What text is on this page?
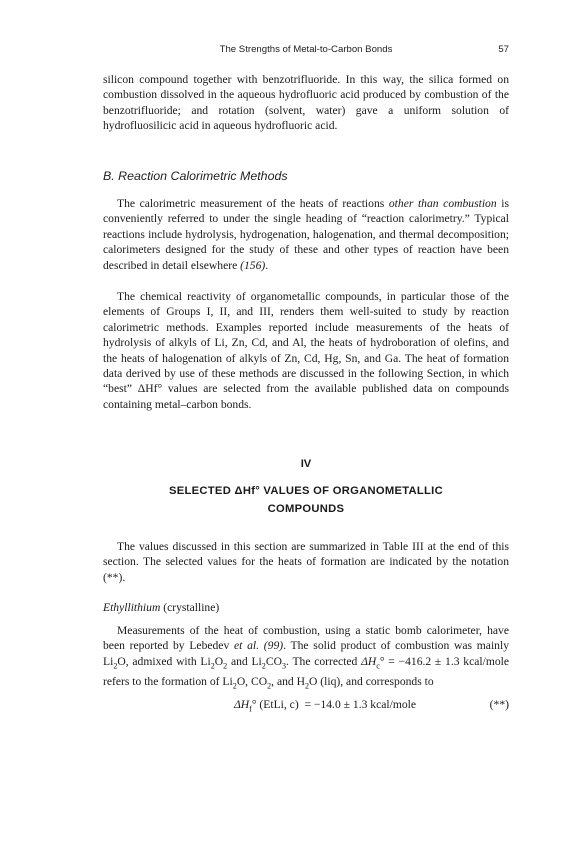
The Strengths of Metal-to-Carbon Bonds	57

silicon compound together with benzotrifluoride. In this way, the silica formed on combustion dissolved in the aqueous hydrofluoric acid produced by combustion of the benzotrifluoride; and rotation (solvent, water) gave a uniform solution of hydrofluosilicic acid in aqueous hydrofluoric acid.

B. Reaction Calorimetric Methods

The calorimetric measurement of the heats of reactions other than combustion is conveniently referred to under the single heading of “reaction calorimetry.” Typical reactions include hydrolysis, hydrogenation, halogenation, and thermal decomposition; calorimeters designed for the study of these and other types of reaction have been described in detail elsewhere (156).

The chemical reactivity of organometallic compounds, in particular those of the elements of Groups I, II, and III, renders them well-suited to study by reaction calorimetric methods. Examples reported include measurements of the heats of hydrolysis of alkyls of Li, Zn, Cd, and Al, the heats of hydroboration of olefins, and the heats of halogenation of alkyls of Zn, Cd, Hg, Sn, and Ga. The heat of formation data derived by use of these methods are discussed in the following Section, in which “best” ΔHf° values are selected from the available published data on compounds containing metal–carbon bonds.

IV
SELECTED ΔHf° VALUES OF ORGANOMETALLIC
COMPOUNDS

The values discussed in this section are summarized in Table III at the end of this section. The selected values for the heats of formation are indicated by the notation (**).

Ethyllithium (crystalline)

Measurements of the heat of combustion, using a static bomb calorimeter, have been reported by Lebedev et al. (99). The solid product of combustion was mainly $Li_2O$, admixed with $Li_2O_2$ and $Li_2CO_3$. The corrected $\Delta H_c^\circ = -416.2 \pm 1.3$ kcal/mole refers to the formation of $Li_2O$, $CO_2$, and $H_2O$ (liq), and corresponds to

$\Delta H_f^\circ$ (EtLi, c) = −14.0 ± 1.3 kcal/mole	(**)
